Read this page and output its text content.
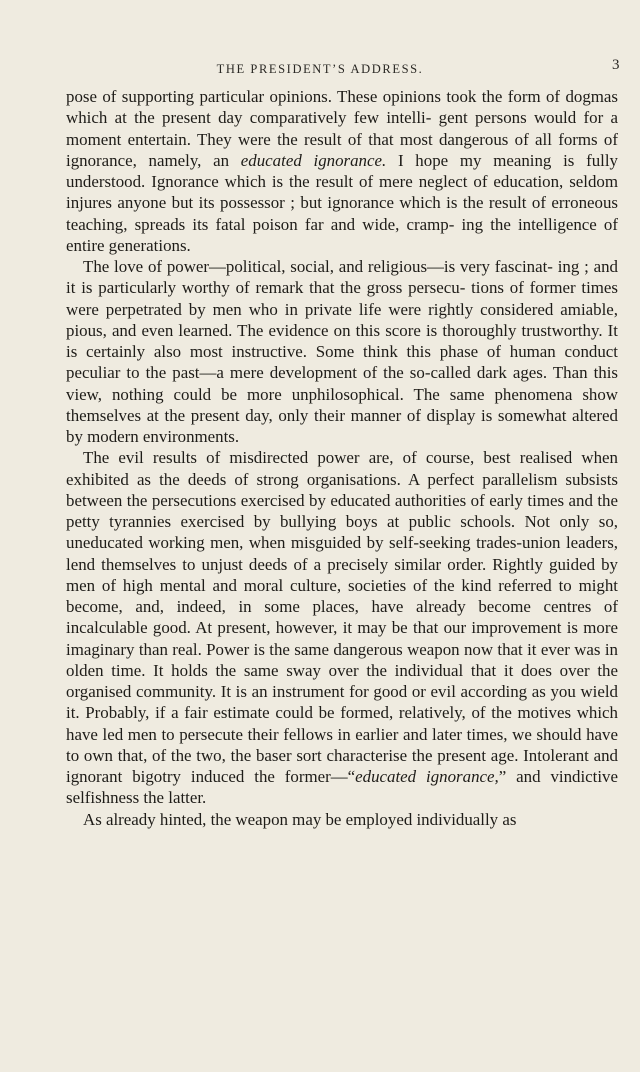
THE PRESIDENT’S ADDRESS.	3

pose of supporting particular opinions. These opinions took the form of dogmas which at the present day comparatively few intelli- gent persons would for a moment entertain. They were the result of that most dangerous of all forms of ignorance, namely, an educated ignorance. I hope my meaning is fully understood. Ignorance which is the result of mere neglect of education, seldom injures anyone but its possessor ; but ignorance which is the result of erroneous teaching, spreads its fatal poison far and wide, cramp- ing the intelligence of entire generations.

The love of power—political, social, and religious—is very fascinat- ing ; and it is particularly worthy of remark that the gross persecu- tions of former times were perpetrated by men who in private life were rightly considered amiable, pious, and even learned. The evidence on this score is thoroughly trustworthy. It is certainly also most instructive. Some think this phase of human conduct peculiar to the past—a mere development of the so-called dark ages. Than this view, nothing could be more unphilosophical. The same phenomena show themselves at the present day, only their manner of display is somewhat altered by modern environments.

The evil results of misdirected power are, of course, best realised when exhibited as the deeds of strong organisations. A perfect parallelism subsists between the persecutions exercised by educated authorities of early times and the petty tyrannies exercised by bullying boys at public schools. Not only so, uneducated working men, when misguided by self-seeking trades-union leaders, lend themselves to unjust deeds of a precisely similar order. Rightly guided by men of high mental and moral culture, societies of the kind referred to might become, and, indeed, in some places, have already become centres of incalculable good. At present, however, it may be that our improvement is more imaginary than real. Power is the same dangerous weapon now that it ever was in olden time. It holds the same sway over the individual that it does over the organised community. It is an instrument for good or evil according as you wield it. Probably, if a fair estimate could be formed, relatively, of the motives which have led men to persecute their fellows in earlier and later times, we should have to own that, of the two, the baser sort characterise the present age. Intolerant and ignorant bigotry induced the former—“educated ignorance,” and vindictive selfishness the latter.

As already hinted, the weapon may be employed individually as
